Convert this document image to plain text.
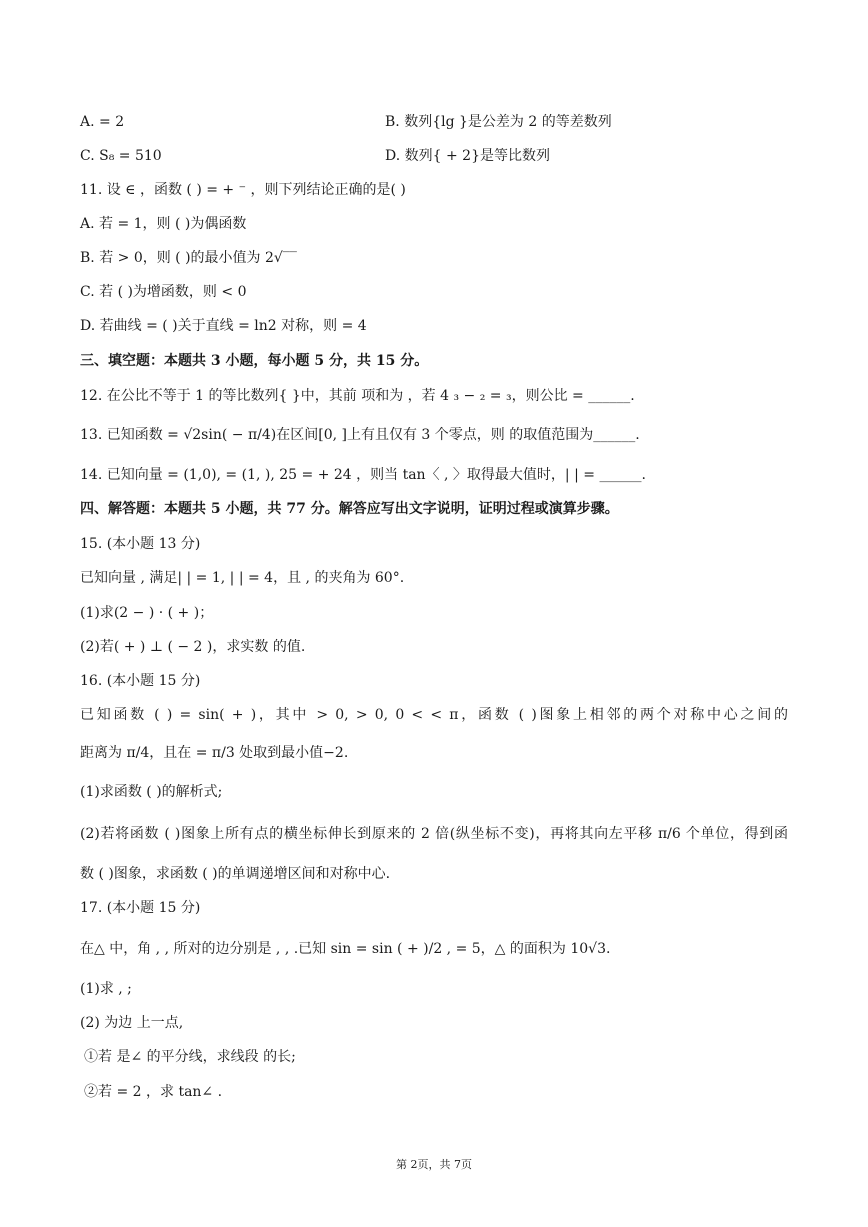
A. = 2	B. 数列{lg }是公差为 2 的等差数列
C. S₈ = 510	D. 数列{ + 2}是等比数列
11. 设 ∈ ，函数 ( ) = + ⁻ ，则下列结论正确的是( )
A. 若 = 1，则 ( )为偶函数
B. 若 > 0，则 ( )的最小值为 2√‾‾
C. 若 ( )为增函数，则 < 0
D. 若曲线 = ( )关于直线 = ln2 对称，则 = 4
三、填空题：本题共 3 小题，每小题 5 分，共 15 分。
12. 在公比不等于 1 的等比数列{ }中，其前 项和为 ，若 4 ₃ − ₂ = ₃，则公比 = ______.
13. 已知函数 = √2sin( − π/4)在区间[0, ]上有且仅有 3 个零点，则 的取值范围为______.
14. 已知向量 = (1,0), = (1, ), 25 = + 24 ，则当 tan〈 , 〉取得最大值时，| | = ______.
四、解答题：本题共 5 小题，共 77 分。解答应写出文字说明，证明过程或演算步骤。
15. (本小题 13 分)
已知向量 , 满足| | = 1, | | = 4，且 , 的夹角为 60°.
(1)求(2 − ) · ( + )；
(2)若( + ) ⊥ ( − 2 )，求实数 的值.
16. (本小题 15 分)
已知函数 ( ) = sin( + )，其中 > 0, > 0, 0 < < π，函数 ( )图象上相邻的两个对称中心之间的
距离为 π/4，且在 = π/3 处取到最小值−2.
(1)求函数 ( )的解析式;
(2)若将函数 ( )图象上所有点的横坐标伸长到原来的 2 倍(纵坐标不变)，再将其向左平移 π/6 个单位，得到函
数 ( )图象，求函数 ( )的单调递增区间和对称中心.
17. (本小题 15 分)
在△ 中，角 , , 所对的边分别是 , , .已知 sin = sin ( + )/2 , = 5，△ 的面积为 10√3.
(1)求 , ;
(2) 为边 上一点,
①若 是∠ 的平分线，求线段 的长;
②若 = 2 ，求 tan∠ .
第 2页，共 7页
